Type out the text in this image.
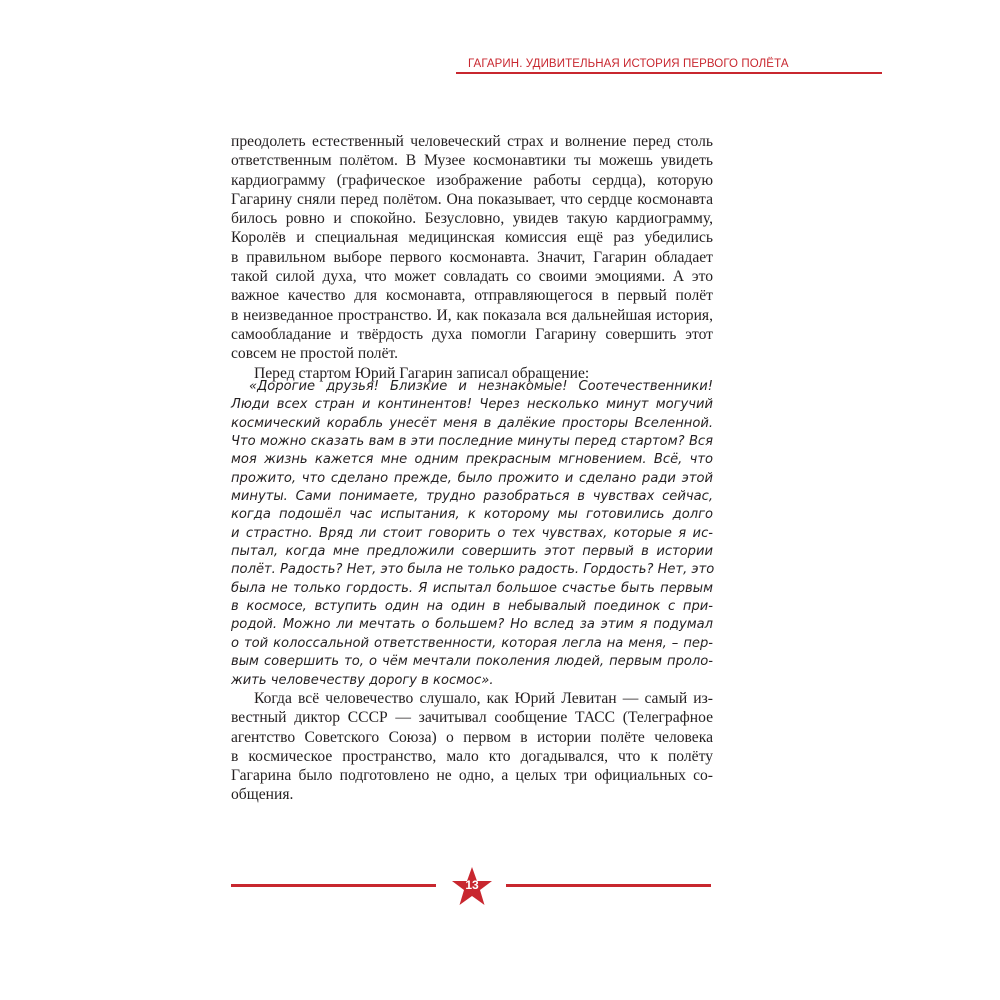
ГАГАРИН. УДИВИТЕЛЬНАЯ ИСТОРИЯ ПЕРВОГО ПОЛЁТА
преодолеть естественный человеческий страх и волнение перед столь
ответственным полётом. В Музее космонавтики ты можешь увидеть
кардиограмму (графическое изображение работы сердца), которую
Гагарину сняли перед полётом. Она показывает, что сердце космонавта
билось ровно и спокойно. Безусловно, увидев такую кардиограмму,
Королёв и специальная медицинская комиссия ещё раз убедились
в правильном выборе первого космонавта. Значит, Гагарин обладает
такой силой духа, что может совладать со своими эмоциями. А это
важное качество для космонавта, отправляющегося в первый полёт
в неизведанное пространство. И, как показала вся дальнейшая история,
самообладание и твёрдость духа помогли Гагарину совершить этот
совсем не простой полёт.
Перед стартом Юрий Гагарин записал обращение:
«Дорогие друзья! Близкие и незнакомые! Соотечественники!
Люди всех стран и континентов! Через несколько минут могучий
космический корабль унесёт меня в далёкие просторы Вселенной.
Что можно сказать вам в эти последние минуты перед стартом? Вся
моя жизнь кажется мне одним прекрасным мгновением. Всё, что
прожито, что сделано прежде, было прожито и сделано ради этой
минуты. Сами понимаете, трудно разобраться в чувствах сейчас,
когда подошёл час испытания, к которому мы готовились долго
и страстно. Вряд ли стоит говорить о тех чувствах, которые я ис-
пытал, когда мне предложили совершить этот первый в истории
полёт. Радость? Нет, это была не только радость. Гордость? Нет, это
была не только гордость. Я испытал большое счастье быть первым
в космосе, вступить один на один в небывалый поединок с при-
родой. Можно ли мечтать о большем? Но вслед за этим я подумал
о той колоссальной ответственности, которая легла на меня, – пер-
вым совершить то, о чём мечтали поколения людей, первым проло-
жить человечеству дорогу в космос».
Когда всё человечество слушало, как Юрий Левитан — самый из-
вестный диктор СССР — зачитывал сообщение ТАСС (Телеграфное
агентство Советского Союза) о первом в истории полёте человека
в космическое пространство, мало кто догадывался, что к полёту
Гагарина было подготовлено не одно, а целых три официальных со-
общения.
13
